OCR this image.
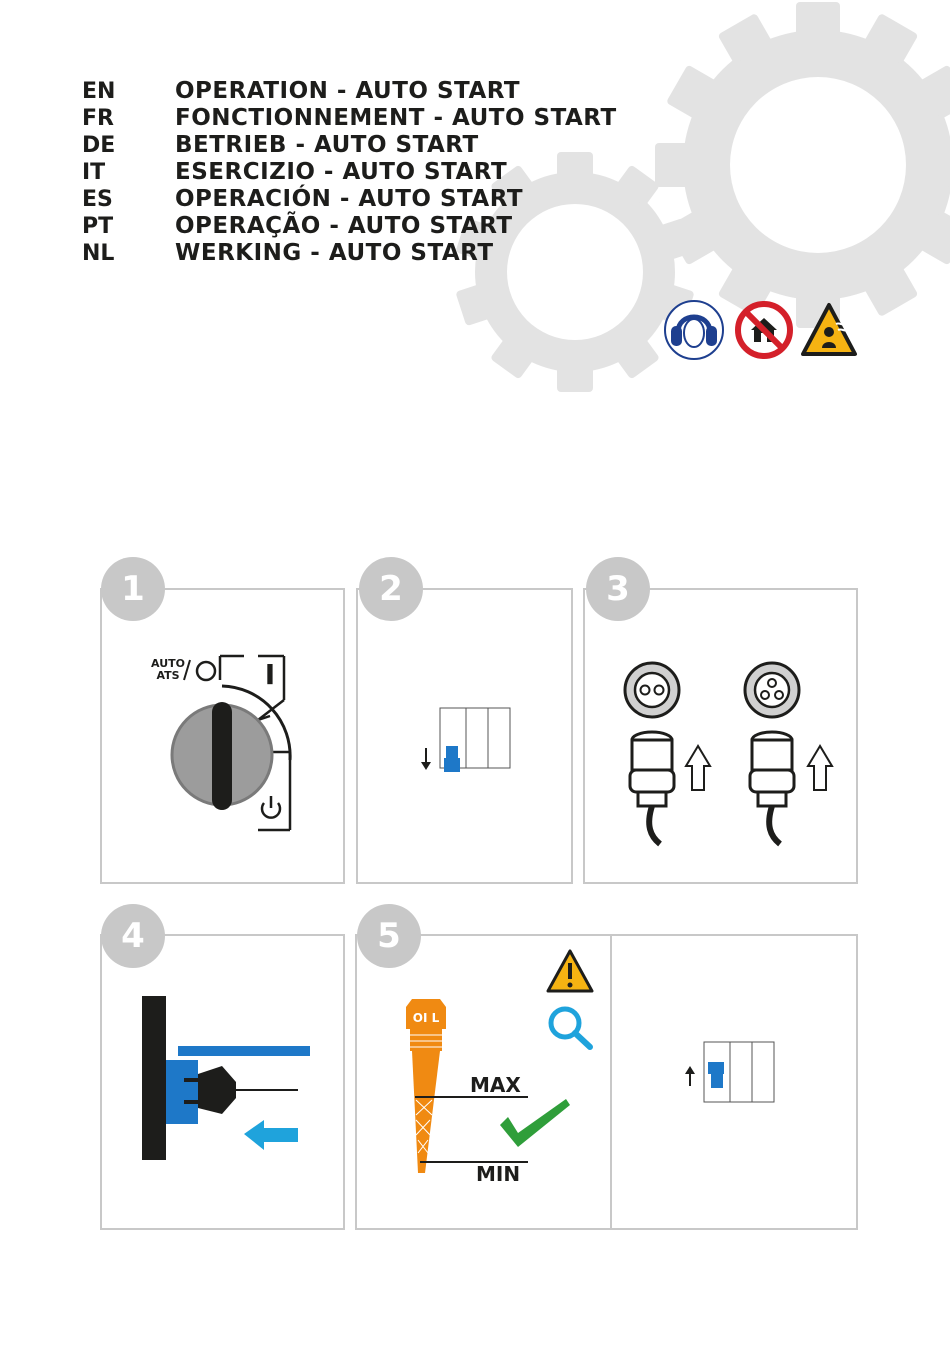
EN	OPERATION - AUTO START
FR	FONCTIONNEMENT - AUTO START
DE	BETRIEB - AUTO START
IT	ESERCIZIO - AUTO START
ES	OPERACIÓN - AUTO START
PT	OPERAÇÃO - AUTO START
NL	WERKING - AUTO START
1
AUTO
ATS	I
2	3
4	5
OI L
MAX
MIN
